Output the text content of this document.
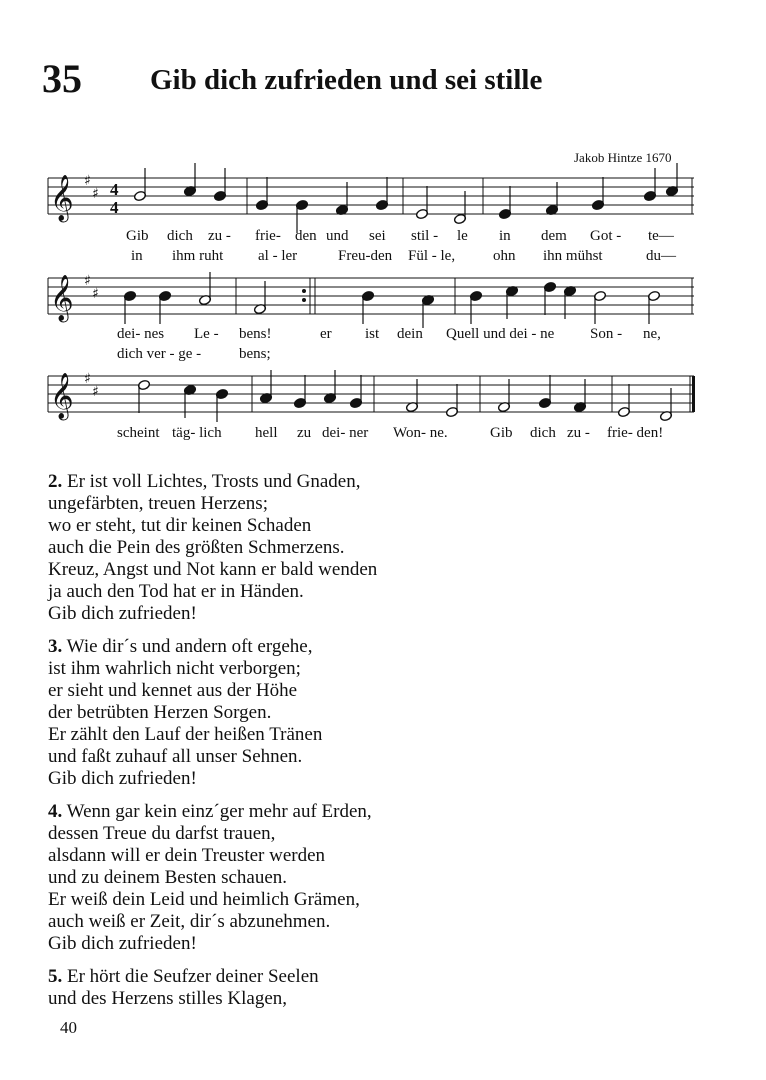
35 Gib dich zufrieden und sei stille
Jakob Hintze 1670
𝄞 ♯
♯ 4
4
𝄞 ♯
♯
𝄞 ♯
♯
Gib dich zu - frie- den und sei stil - le in dem Got - te—
in ihm ruht al - ler	Freu-den Fül - le,	ohn ihn mühst	du—
dei- nes Le - bens!	er ist dein Quell und dei - ne Son - ne,
dich ver - ge -	bens;
scheint täg- lich hell zu dei- ner Won- ne.	Gib dich zu - frie- den!
2. Er ist voll Lichtes, Trosts und Gnaden,
ungefärbten, treuen Herzens;
wo er steht, tut dir keinen Schaden
auch die Pein des größten Schmerzens.
Kreuz, Angst und Not kann er bald wenden
ja auch den Tod hat er in Händen.
Gib dich zufrieden!
3. Wie dir´s und andern oft ergehe,
ist ihm wahrlich nicht verborgen;
er sieht und kennet aus der Höhe
der betrübten Herzen Sorgen.
Er zählt den Lauf der heißen Tränen
und faßt zuhauf all unser Sehnen.
Gib dich zufrieden!
4. Wenn gar kein einz´ger mehr auf Erden,
dessen Treue du darfst trauen,
alsdann will er dein Treuster werden
und zu deinem Besten schauen.
Er weiß dein Leid und heimlich Grämen,
auch weiß er Zeit, dir´s abzunehmen.
Gib dich zufrieden!
5. Er hört die Seufzer deiner Seelen
und des Herzens stilles Klagen,
40
